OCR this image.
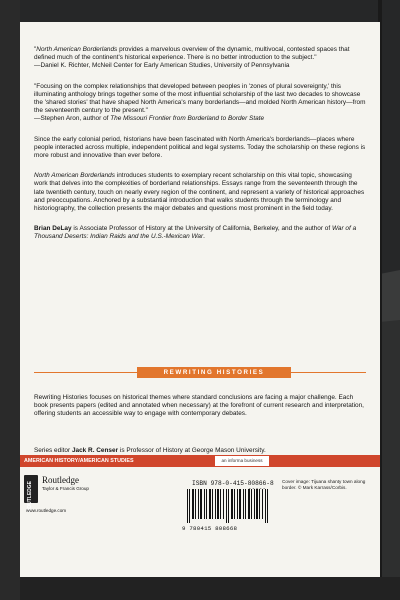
"North American Borderlands provides a marvelous overview of the dynamic, multivocal, contested spaces that defined much of the continent's historical experience. There is no better introduction to the subject."

—Daniel K. Richter, McNeil Center for Early American Studies, University of Pennsylvania

"Focusing on the complex relationships that developed between peoples in 'zones of plural sovereignty,' this illuminating anthology brings together some of the most influential scholarship of the last two decades to showcase the 'shared stories' that have shaped North America's many borderlands—and molded North American history—from the seventeenth century to the present."

—Stephen Aron, author of The Missouri Frontier from Borderland to Border State

Since the early colonial period, historians have been fascinated with North America's borderlands—places where people interacted across multiple, independent political and legal systems. Today the scholarship on these regions is more robust and innovative than ever before.
North American Borderlands introduces students to exemplary recent scholarship on this vital topic, showcasing work that delves into the complexities of borderland relationships. Essays range from the seventeenth through the late twentieth century, touch on nearly every region of the continent, and represent a variety of historical approaches and preoccupations. Anchored by a substantial introduction that walks students through the terminology and historiography, the collection presents the major debates and questions most prominent in the field today.
Brian DeLay is Associate Professor of History at the University of California, Berkeley, and the author of War of a Thousand Deserts: Indian Raids and the U.S.-Mexican War.
REWRITING HISTORIES
Rewriting Histories focuses on historical themes where standard conclusions are facing a major challenge. Each book presents papers (edited and annotated when necessary) at the forefront of current research and interpretation, offering students an accessible way to engage with contemporary debates.
Series editor Jack R. Censer is Professor of History at George Mason University.
AMERICAN HISTORY/AMERICAN STUDIES	an informa business
ROUTLEDGE
Routledge
Taylor & Francis Group
www.routledge.com
ISBN 978-0-415-80866-8
9 780415 808668
Cover image: Tijuana shanty town along border. © Mark Karrass/Corbis.
